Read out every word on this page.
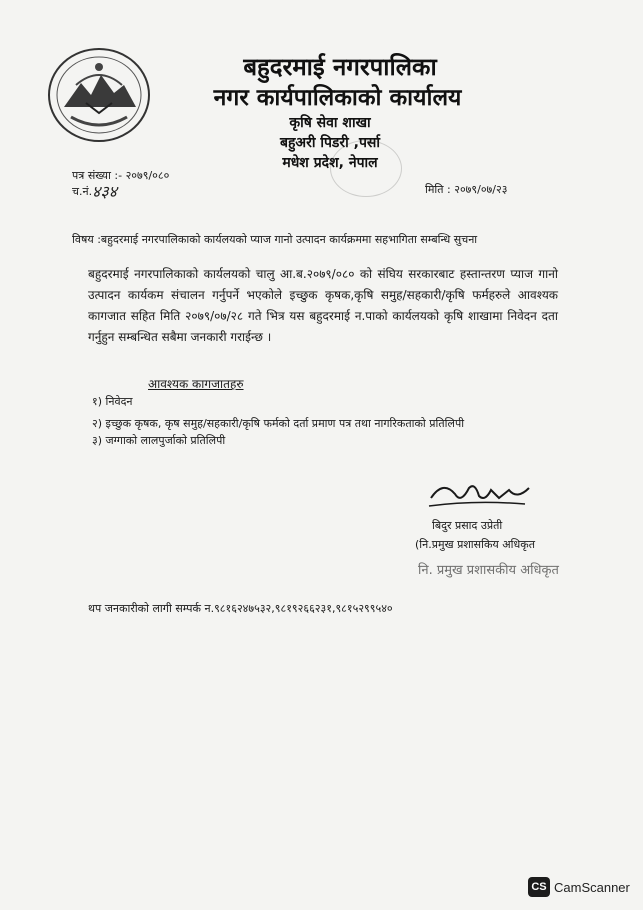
बहुदरमाई नगरपालिका
नगर कार्यपालिकाको कार्यालय
कृषि सेवा शाखा
बहुअरी पिडरी ,पर्सा
मधेश प्रदेश, नेपाल
पत्र संख्या :- २०७९/०८०
च.नं. ४३४	मिति : २०७९/०७/२३
विषय :बहुदरमाई नगरपालिकाको कार्यलयको प्याज गानो उत्पादन कार्यक्रममा सहभागिता सम्बन्धि सुचना
बहुदरमाई नगरपालिकाको कार्यलयको चालु आ.ब.२०७९/०८० को संघिय सरकारबाट हस्तान्तरण प्याज गानो उत्पादन कार्यकम संचालन गर्नुपर्ने भएकोले इच्छुक कृषक,कृषि समुह/सहकारी/कृषि फर्महरुले आवश्यक कागजात सहित मिति २०७९/०७/२८ गते भित्र यस बहुदरमाई न.पाको कार्यलयको कृषि शाखामा निवेदन दता गर्नुहुन सम्बन्धित सबैमा जनकारी गराईन्छ ।
आवश्यक कागजातहरु
१) निवेदन
२) इच्छुक कृषक, कृष समुह/सहकारी/कृषि फर्मको दर्ता प्रमाण पत्र तथा नागरिकताको प्रतिलिपी
३) जग्गाको लालपुर्जाको प्रतिलिपी
बिदुर प्रसाद उप्रेती
(नि.प्रमुख प्रशासकिय अधिकृत
नि. प्रमुख प्रशासकीय अधिकृत
थप जनकारीको लागी सम्पर्क न.९८१६२४७५३२,९८१९२६६२३१,९८१५२९९५४०
CS CamScanner
